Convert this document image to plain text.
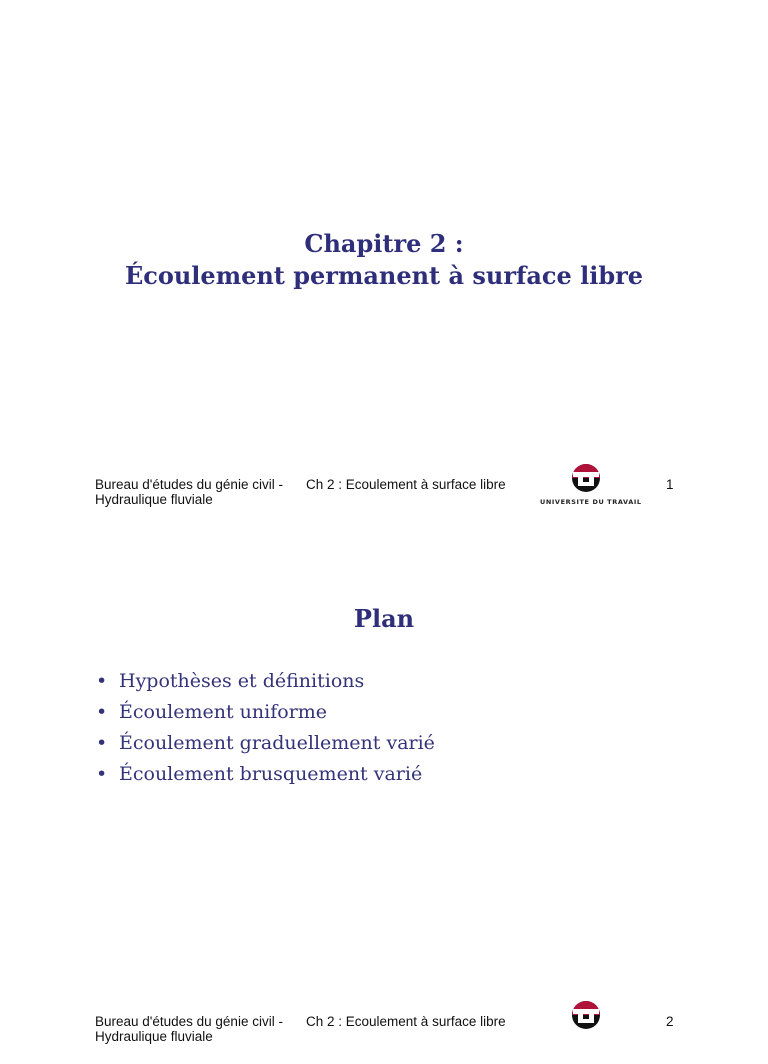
Chapitre 2 :
Écoulement permanent à surface libre
Bureau d'études du génie civil -
Hydraulique fluviale
Ch 2 : Ecoulement à surface libre
UNIVERSITE DU TRAVAIL
1
Plan
• Hypothèses et définitions
• Écoulement uniforme
• Écoulement graduellement varié
• Écoulement brusquement varié
Bureau d'études du génie civil -
Hydraulique fluviale
Ch 2 : Ecoulement à surface libre	2
